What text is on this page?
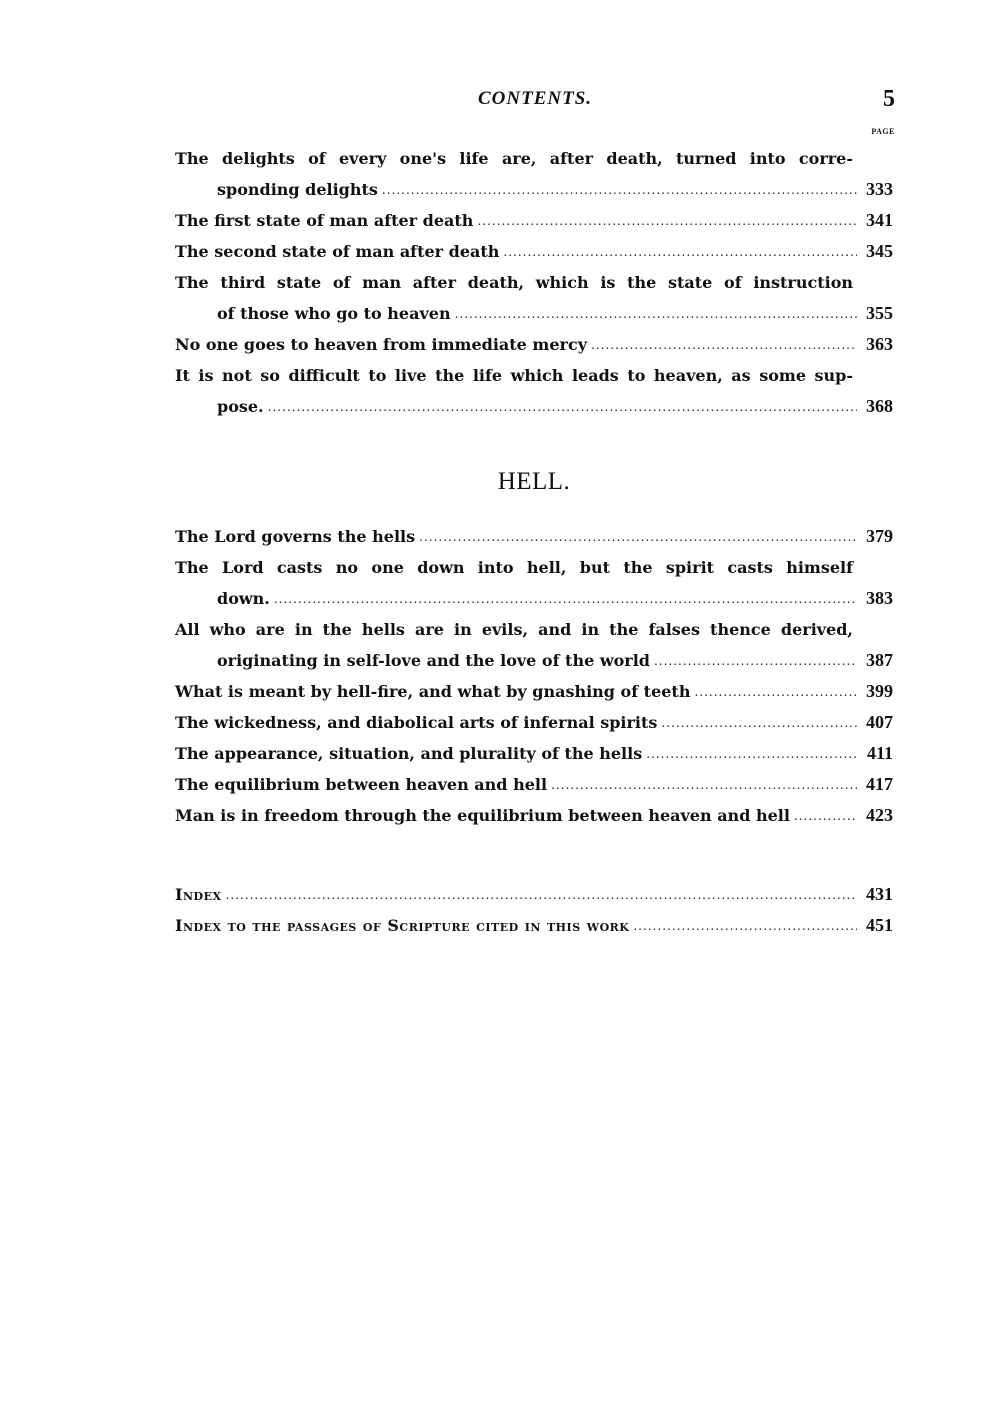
CONTENTS.	5
PAGE
The delights of every one's life are, after death, turned into corre-
sponding delights .....	333
The first state of man after death .....	341
The second state of man after death .....	345
The third state of man after death, which is the state of instruction
of those who go to heaven .....	355
No one goes to heaven from immediate mercy .....	363
It is not so difficult to live the life which leads to heaven, as some sup-
pose. .....	368
HELL.
The Lord governs the hells .....	379
The Lord casts no one down into hell, but the spirit casts himself
down. .....	383
All who are in the hells are in evils, and in the falses thence derived,
originating in self-love and the love of the world .....	387
What is meant by hell-fire, and what by gnashing of teeth .....	399
The wickedness, and diabolical arts of infernal spirits .....	407
The appearance, situation, and plurality of the hells .....	411
The equilibrium between heaven and hell .....	417
Man is in freedom through the equilibrium between heaven and hell .....	423
Index .....	431
Index to the passages of Scripture cited in this work .....	451
